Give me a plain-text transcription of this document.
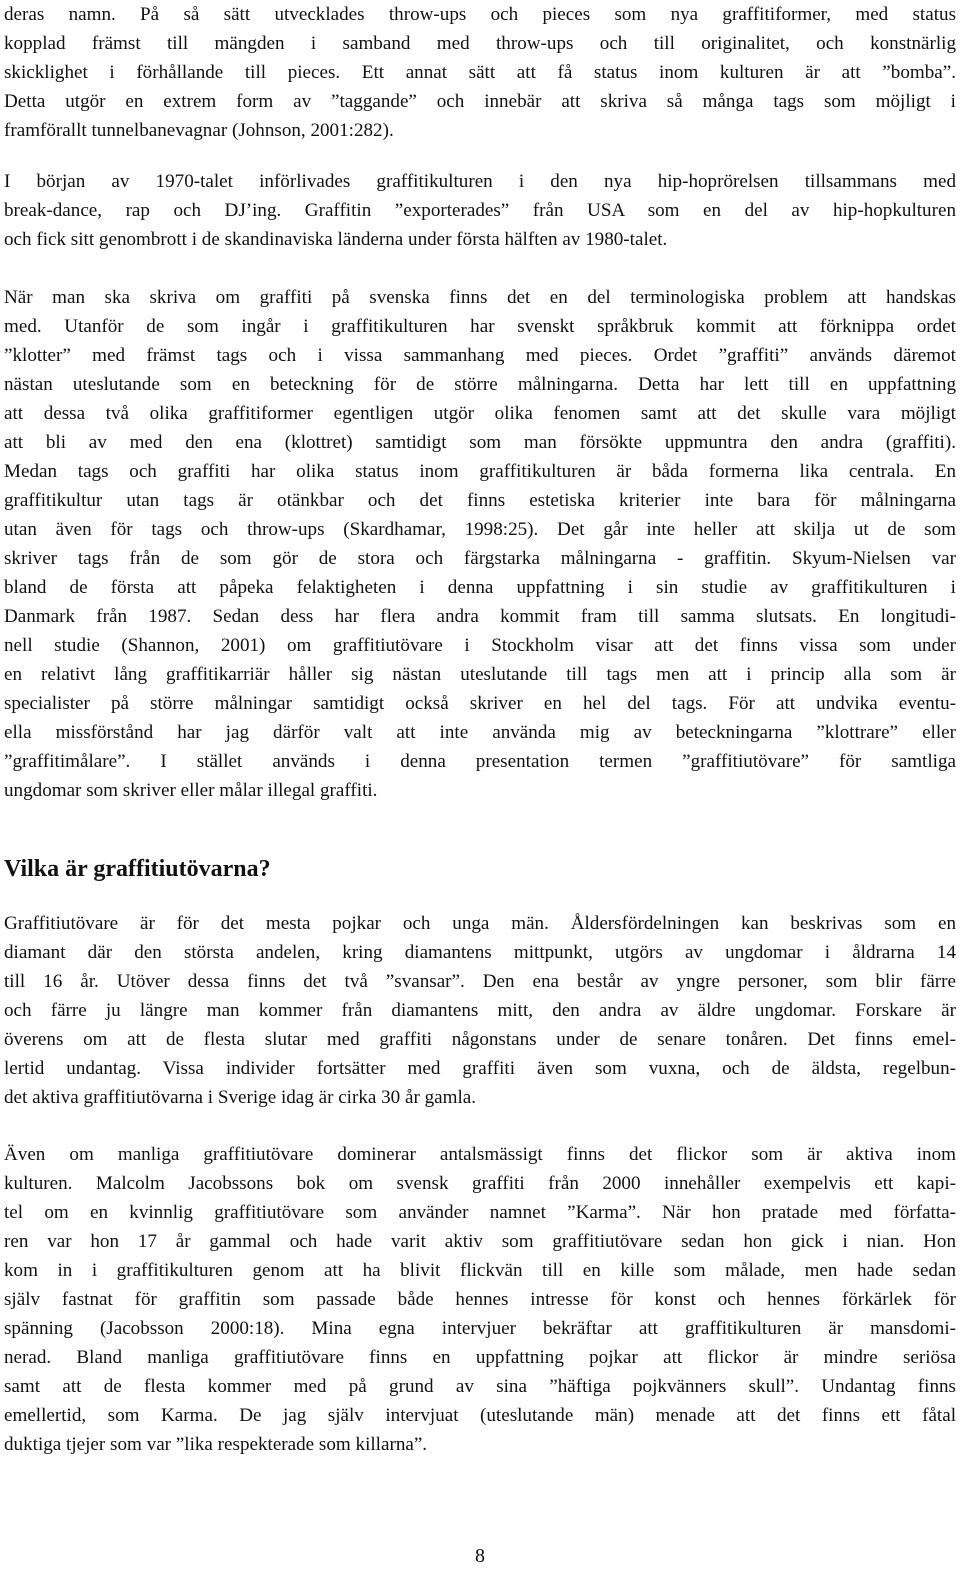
deras namn. På så sätt utvecklades throw-ups och pieces som nya graffitiformer, med status
kopplad främst till mängden i samband med throw-ups och till originalitet, och konstnärlig
skicklighet i förhållande till pieces. Ett annat sätt att få status inom kulturen är att ”bomba”.
Detta utgör en extrem form av ”taggande” och innebär att skriva så många tags som möjligt i
framförallt tunnelbanevagnar (Johnson, 2001:282).
I början av 1970-talet införlivades graffitikulturen i den nya hip-hoprörelsen tillsammans med
break-dance, rap och DJ’ing. Graffitin ”exporterades” från USA som en del av hip-hopkulturen
och fick sitt genombrott i de skandinaviska länderna under första hälften av 1980-talet.
När man ska skriva om graffiti på svenska finns det en del terminologiska problem att handskas
med. Utanför de som ingår i graffitikulturen har svenskt språkbruk kommit att förknippa ordet
”klotter” med främst tags och i vissa sammanhang med pieces. Ordet ”graffiti” används däremot
nästan uteslutande som en beteckning för de större målningarna. Detta har lett till en uppfattning
att dessa två olika graffitiformer egentligen utgör olika fenomen samt att det skulle vara möjligt
att bli av med den ena (klottret) samtidigt som man försökte uppmuntra den andra (graffiti).
Medan tags och graffiti har olika status inom graffitikulturen är båda formerna lika centrala. En
graffitikultur utan tags är otänkbar och det finns estetiska kriterier inte bara för målningarna
utan även för tags och throw-ups (Skardhamar, 1998:25). Det går inte heller att skilja ut de som
skriver tags från de som gör de stora och färgstarka målningarna - graffitin. Skyum-Nielsen var
bland de första att påpeka felaktigheten i denna uppfattning i sin studie av graffitikulturen i
Danmark från 1987. Sedan dess har flera andra kommit fram till samma slutsats. En longitudi-
nell studie (Shannon, 2001) om graffitiutövare i Stockholm visar att det finns vissa som under
en relativt lång graffitikarriär håller sig nästan uteslutande till tags men att i princip alla som är
specialister på större målningar samtidigt också skriver en hel del tags. För att undvika eventu-
ella missförstånd har jag därför valt att inte använda mig av beteckningarna ”klottrare” eller
”graffitimålare”. I stället används i denna presentation termen ”graffitiutövare” för samtliga
ungdomar som skriver eller målar illegal graffiti.
Vilka är graffitiutövarna?
Graffitiutövare är för det mesta pojkar och unga män. Åldersfördelningen kan beskrivas som en
diamant där den största andelen, kring diamantens mittpunkt, utgörs av ungdomar i åldrarna 14
till 16 år. Utöver dessa finns det två ”svansar”. Den ena består av yngre personer, som blir färre
och färre ju längre man kommer från diamantens mitt, den andra av äldre ungdomar. Forskare är
överens om att de flesta slutar med graffiti någonstans under de senare tonåren. Det finns emel-
lertid undantag. Vissa individer fortsätter med graffiti även som vuxna, och de äldsta, regelbun-
det aktiva graffitiutövarna i Sverige idag är cirka 30 år gamla.
Även om manliga graffitiutövare dominerar antalsmässigt finns det flickor som är aktiva inom
kulturen. Malcolm Jacobssons bok om svensk graffiti från 2000 innehåller exempelvis ett kapi-
tel om en kvinnlig graffitiutövare som använder namnet ”Karma”. När hon pratade med författa-
ren var hon 17 år gammal och hade varit aktiv som graffitiutövare sedan hon gick i nian. Hon
kom in i graffitikulturen genom att ha blivit flickvän till en kille som målade, men hade sedan
själv fastnat för graffitin som passade både hennes intresse för konst och hennes förkärlek för
spänning (Jacobsson 2000:18). Mina egna intervjuer bekräftar att graffitikulturen är mansdomi-
nerad. Bland manliga graffitiutövare finns en uppfattning pojkar att flickor är mindre seriösa
samt att de flesta kommer med på grund av sina ”häftiga pojkvänners skull”. Undantag finns
emellertid, som Karma. De jag själv intervjuat (uteslutande män) menade att det finns ett fåtal
duktiga tjejer som var ”lika respekterade som killarna”.
8
